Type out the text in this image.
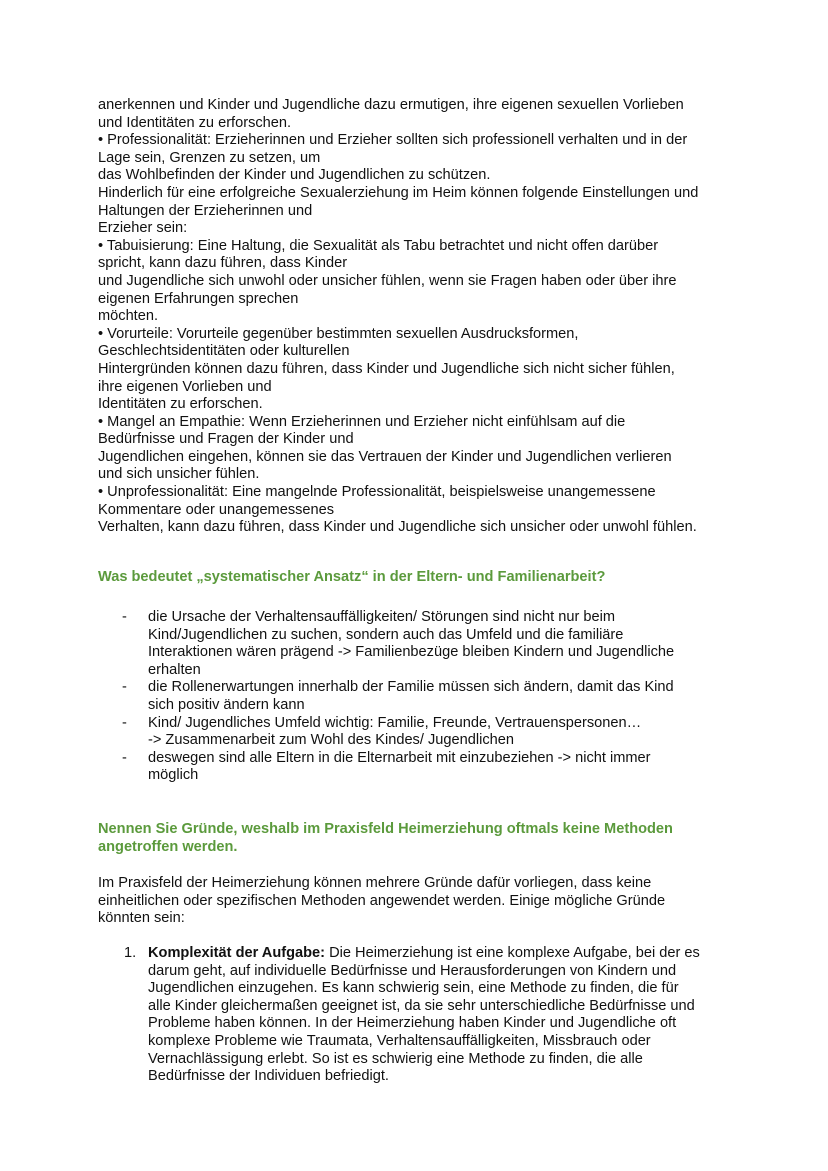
anerkennen und Kinder und Jugendliche dazu ermutigen, ihre eigenen sexuellen Vorlieben
und Identitäten zu erforschen.
• Professionalität: Erzieherinnen und Erzieher sollten sich professionell verhalten und in der
Lage sein, Grenzen zu setzen, um
das Wohlbefinden der Kinder und Jugendlichen zu schützen.
Hinderlich für eine erfolgreiche Sexualerziehung im Heim können folgende Einstellungen und
Haltungen der Erzieherinnen und
Erzieher sein:
• Tabuisierung: Eine Haltung, die Sexualität als Tabu betrachtet und nicht offen darüber
spricht, kann dazu führen, dass Kinder
und Jugendliche sich unwohl oder unsicher fühlen, wenn sie Fragen haben oder über ihre
eigenen Erfahrungen sprechen
möchten.
• Vorurteile: Vorurteile gegenüber bestimmten sexuellen Ausdrucksformen,
Geschlechtsidentitäten oder kulturellen
Hintergründen können dazu führen, dass Kinder und Jugendliche sich nicht sicher fühlen,
ihre eigenen Vorlieben und
Identitäten zu erforschen.
• Mangel an Empathie: Wenn Erzieherinnen und Erzieher nicht einfühlsam auf die
Bedürfnisse und Fragen der Kinder und
Jugendlichen eingehen, können sie das Vertrauen der Kinder und Jugendlichen verlieren
und sich unsicher fühlen.
• Unprofessionalität: Eine mangelnde Professionalität, beispielsweise unangemessene
Kommentare oder unangemessenes
Verhalten, kann dazu führen, dass Kinder und Jugendliche sich unsicher oder unwohl fühlen.
Was bedeutet „systematischer Ansatz“ in der Eltern- und Familienarbeit?
- die Ursache der Verhaltensauffälligkeiten/ Störungen sind nicht nur beim
Kind/Jugendlichen zu suchen, sondern auch das Umfeld und die familiäre
Interaktionen wären prägend -> Familienbezüge bleiben Kindern und Jugendliche
erhalten
- die Rollenerwartungen innerhalb der Familie müssen sich ändern, damit das Kind
sich positiv ändern kann
- Kind/ Jugendliches Umfeld wichtig: Familie, Freunde, Vertrauenspersonen…
-> Zusammenarbeit zum Wohl des Kindes/ Jugendlichen
- deswegen sind alle Eltern in die Elternarbeit mit einzubeziehen -> nicht immer
möglich
Nennen Sie Gründe, weshalb im Praxisfeld Heimerziehung oftmals keine Methoden
angetroffen werden.
Im Praxisfeld der Heimerziehung können mehrere Gründe dafür vorliegen, dass keine
einheitlichen oder spezifischen Methoden angewendet werden. Einige mögliche Gründe
könnten sein:
1. Komplexität der Aufgabe: Die Heimerziehung ist eine komplexe Aufgabe, bei der es
darum geht, auf individuelle Bedürfnisse und Herausforderungen von Kindern und
Jugendlichen einzugehen. Es kann schwierig sein, eine Methode zu finden, die für
alle Kinder gleichermaßen geeignet ist, da sie sehr unterschiedliche Bedürfnisse und
Probleme haben können. In der Heimerziehung haben Kinder und Jugendliche oft
komplexe Probleme wie Traumata, Verhaltensauffälligkeiten, Missbrauch oder
Vernachlässigung erlebt. So ist es schwierig eine Methode zu finden, die alle
Bedürfnisse der Individuen befriedigt.
